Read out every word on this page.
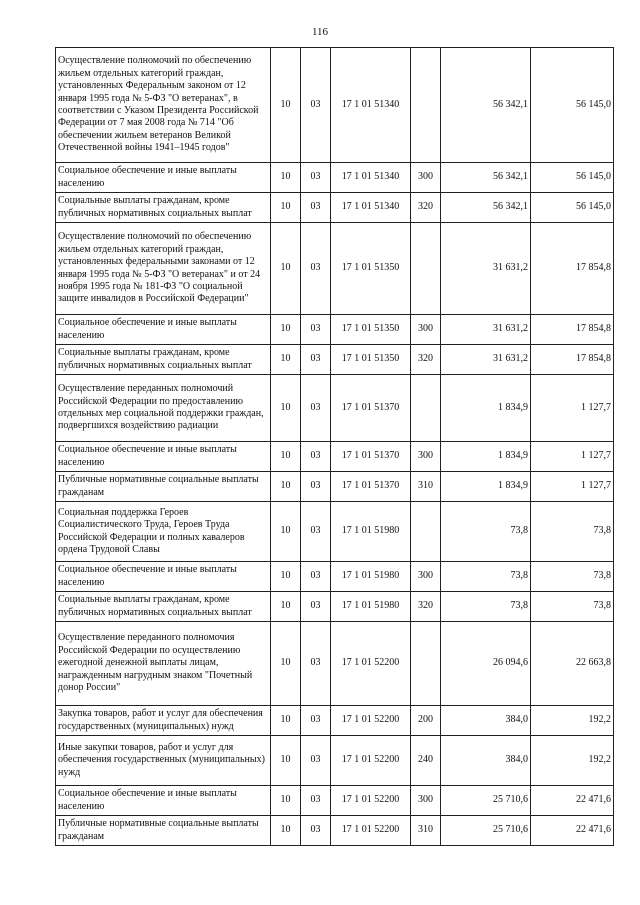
116
Осуществление полномочий по обеспечению жильем отдельных категорий граждан, установленных Федеральным законом от 12 января 1995 года № 5-ФЗ "О ветеранах", в соответствии с Указом Президента Российской Федерации от 7 мая 2008 года № 714 "Об обеспечении жильем ветеранов Великой Отечественной войны 1941–1945 годов"	10	03	17 1 01 51340		56 342,1	56 145,0
Социальное обеспечение и иные выплаты населению	10	03	17 1 01 51340	300	56 342,1	56 145,0
Социальные выплаты гражданам, кроме публичных нормативных социальных выплат	10	03	17 1 01 51340	320	56 342,1	56 145,0
Осуществление полномочий по обеспечению жильем отдельных категорий граждан, установленных федеральными законами от 12 января 1995 года № 5-ФЗ "О ветеранах" и от 24 ноября 1995 года № 181-ФЗ "О социальной защите инвалидов в Российской Федерации"	10	03	17 1 01 51350		31 631,2	17 854,8
Социальное обеспечение и иные выплаты населению	10	03	17 1 01 51350	300	31 631,2	17 854,8
Социальные выплаты гражданам, кроме публичных нормативных социальных выплат	10	03	17 1 01 51350	320	31 631,2	17 854,8
Осуществление переданных полномочий Российской Федерации по предоставлению отдельных мер социальной поддержки граждан, подвергшихся воздействию радиации	10	03	17 1 01 51370		1 834,9	1 127,7
Социальное обеспечение и иные выплаты населению	10	03	17 1 01 51370	300	1 834,9	1 127,7
Публичные нормативные социальные выплаты гражданам	10	03	17 1 01 51370	310	1 834,9	1 127,7
Социальная поддержка Героев Социалистического Труда, Героев Труда Российской Федерации и полных кавалеров ордена Трудовой Славы	10	03	17 1 01 51980		73,8	73,8
Социальное обеспечение и иные выплаты населению	10	03	17 1 01 51980	300	73,8	73,8
Социальные выплаты гражданам, кроме публичных нормативных социальных выплат	10	03	17 1 01 51980	320	73,8	73,8
Осуществление переданного полномочия Российской Федерации по осуществлению ежегодной денежной выплаты лицам, награжденным нагрудным знаком "Почетный донор России"	10	03	17 1 01 52200		26 094,6	22 663,8
Закупка товаров, работ и услуг для обеспечения государственных (муниципальных) нужд	10	03	17 1 01 52200	200	384,0	192,2
Иные закупки товаров, работ и услуг для обеспечения государственных (муниципальных) нужд	10	03	17 1 01 52200	240	384,0	192,2
Социальное обеспечение и иные выплаты населению	10	03	17 1 01 52200	300	25 710,6	22 471,6
Публичные нормативные социальные выплаты гражданам	10	03	17 1 01 52200	310	25 710,6	22 471,6
